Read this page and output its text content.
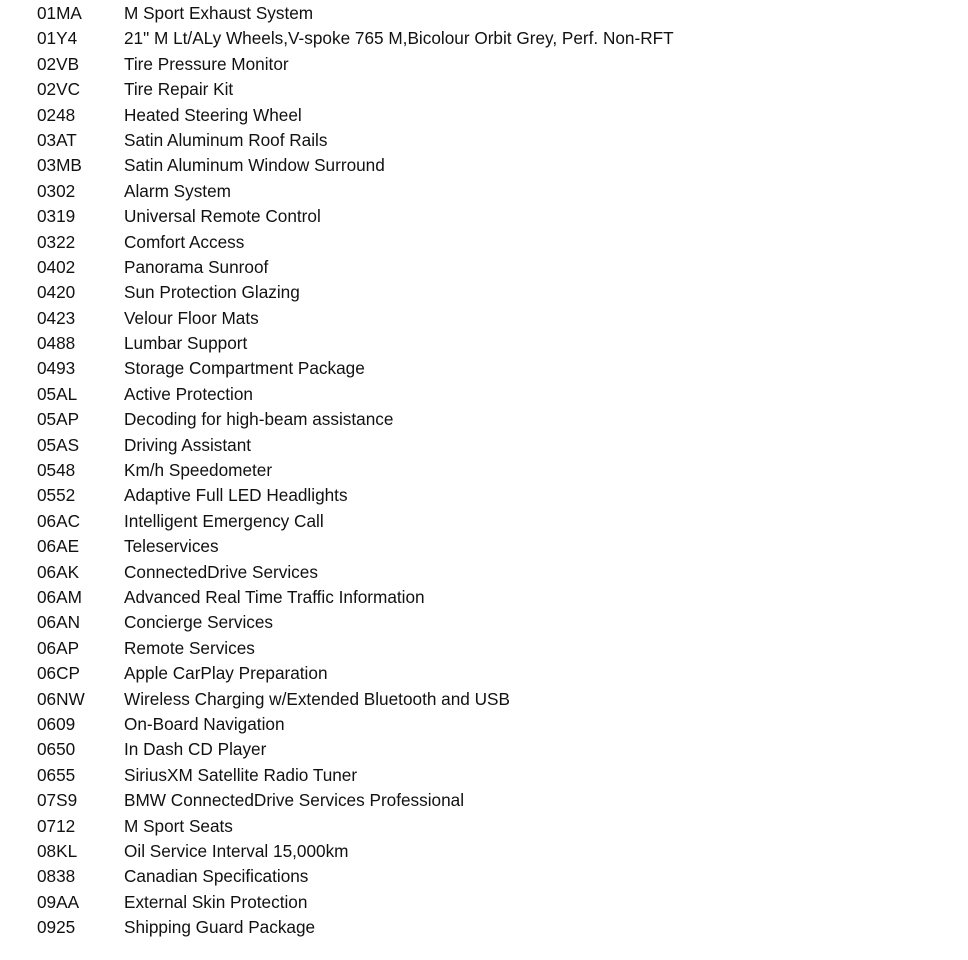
01MA	M Sport Exhaust System
01Y4	21" M Lt/ALy Wheels,V-spoke 765 M,Bicolour Orbit Grey, Perf. Non-RFT
02VB	Tire Pressure Monitor
02VC	Tire Repair Kit
0248	Heated Steering Wheel
03AT	Satin Aluminum Roof Rails
03MB	Satin Aluminum Window Surround
0302	Alarm System
0319	Universal Remote Control
0322	Comfort Access
0402	Panorama Sunroof
0420	Sun Protection Glazing
0423	Velour Floor Mats
0488	Lumbar Support
0493	Storage Compartment Package
05AL	Active Protection
05AP	Decoding for high-beam assistance
05AS	Driving Assistant
0548	Km/h Speedometer
0552	Adaptive Full LED Headlights
06AC	Intelligent Emergency Call
06AE	Teleservices
06AK	ConnectedDrive Services
06AM	Advanced Real Time Traffic Information
06AN	Concierge Services
06AP	Remote Services
06CP	Apple CarPlay Preparation
06NW	Wireless Charging w/Extended Bluetooth and USB
0609	On-Board Navigation
0650	In Dash CD Player
0655	SiriusXM Satellite Radio Tuner
07S9	BMW ConnectedDrive Services Professional
0712	M Sport Seats
08KL	Oil Service Interval 15,000km
0838	Canadian Specifications
09AA	External Skin Protection
0925	Shipping Guard Package
